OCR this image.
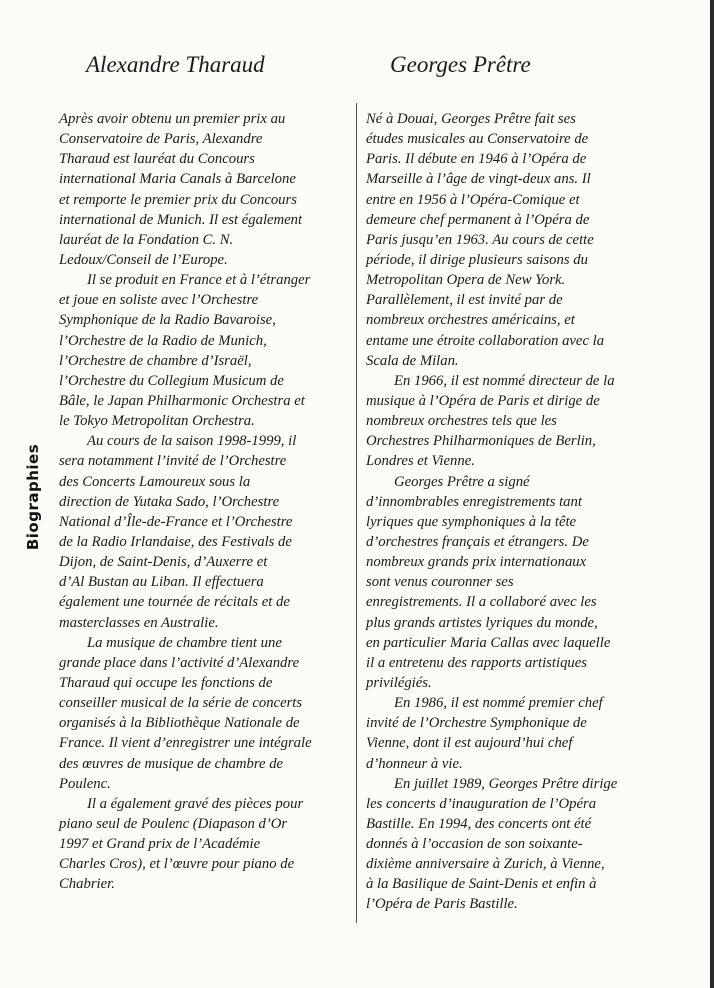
Biographies
Alexandre Tharaud	Georges Prêtre
Après avoir obtenu un premier prix au
Conservatoire de Paris, Alexandre
Tharaud est lauréat du Concours
international Maria Canals à Barcelone
et remporte le premier prix du Concours
international de Munich. Il est également
lauréat de la Fondation C. N.
Ledoux/Conseil de l’Europe.
Il se produit en France et à l’étranger
et joue en soliste avec l’Orchestre
Symphonique de la Radio Bavaroise,
l’Orchestre de la Radio de Munich,
l’Orchestre de chambre d’Israël,
l’Orchestre du Collegium Musicum de
Bâle, le Japan Philharmonic Orchestra et
le Tokyo Metropolitan Orchestra.
Au cours de la saison 1998-1999, il
sera notamment l’invité de l’Orchestre
des Concerts Lamoureux sous la
direction de Yutaka Sado, l’Orchestre
National d’Île-de-France et l’Orchestre
de la Radio Irlandaise, des Festivals de
Dijon, de Saint-Denis, d’Auxerre et
d’Al Bustan au Liban. Il effectuera
également une tournée de récitals et de
masterclasses en Australie.
La musique de chambre tient une
grande place dans l’activité d’Alexandre
Tharaud qui occupe les fonctions de
conseiller musical de la série de concerts
organisés à la Bibliothèque Nationale de
France. Il vient d’enregistrer une intégrale
des œuvres de musique de chambre de
Poulenc.
Il a également gravé des pièces pour
piano seul de Poulenc (Diapason d’Or
1997 et Grand prix de l’Académie
Charles Cros), et l’œuvre pour piano de
Chabrier.
Né à Douai, Georges Prêtre fait ses
études musicales au Conservatoire de
Paris. Il débute en 1946 à l’Opéra de
Marseille à l’âge de vingt-deux ans. Il
entre en 1956 à l’Opéra-Comique et
demeure chef permanent à l’Opéra de
Paris jusqu’en 1963. Au cours de cette
période, il dirige plusieurs saisons du
Metropolitan Opera de New York.
Parallèlement, il est invité par de
nombreux orchestres américains, et
entame une étroite collaboration avec la
Scala de Milan.
En 1966, il est nommé directeur de la
musique à l’Opéra de Paris et dirige de
nombreux orchestres tels que les
Orchestres Philharmoniques de Berlin,
Londres et Vienne.
Georges Prêtre a signé
d’innombrables enregistrements tant
lyriques que symphoniques à la tête
d’orchestres français et étrangers. De
nombreux grands prix internationaux
sont venus couronner ses
enregistrements. Il a collaboré avec les
plus grands artistes lyriques du monde,
en particulier Maria Callas avec laquelle
il a entretenu des rapports artistiques
privilégiés.
En 1986, il est nommé premier chef
invité de l’Orchestre Symphonique de
Vienne, dont il est aujourd’hui chef
d’honneur à vie.
En juillet 1989, Georges Prêtre dirige
les concerts d’inauguration de l’Opéra
Bastille. En 1994, des concerts ont été
donnés à l’occasion de son soixante-
dixième anniversaire à Zurich, à Vienne,
à la Basilique de Saint-Denis et enfin à
l’Opéra de Paris Bastille.
